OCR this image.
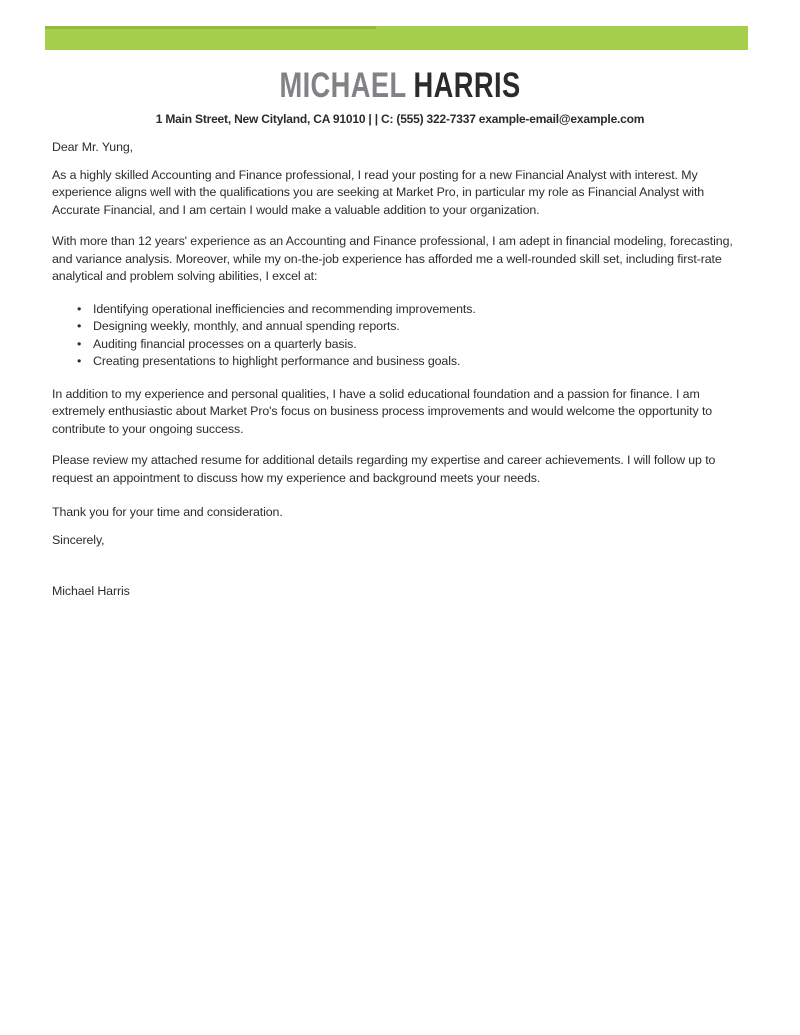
MICHAEL HARRIS
1 Main Street, New Cityland, CA 91010 | | C: (555) 322-7337 example-email@example.com

Dear Mr. Yung,

As a highly skilled Accounting and Finance professional, I read your posting for a new Financial Analyst with interest. My experience aligns well with the qualifications you are seeking at Market Pro, in particular my role as Financial Analyst with Accurate Financial, and I am certain I would make a valuable addition to your organization.

With more than 12 years' experience as an Accounting and Finance professional, I am adept in financial modeling, forecasting, and variance analysis. Moreover, while my on-the-job experience has afforded me a well-rounded skill set, including first-rate analytical and problem solving abilities, I excel at:

• Identifying operational inefficiencies and recommending improvements.
• Designing weekly, monthly, and annual spending reports.
• Auditing financial processes on a quarterly basis.
• Creating presentations to highlight performance and business goals.

In addition to my experience and personal qualities, I have a solid educational foundation and a passion for finance. I am extremely enthusiastic about Market Pro's focus on business process improvements and would welcome the opportunity to contribute to your ongoing success.

Please review my attached resume for additional details regarding my expertise and career achievements. I will follow up to request an appointment to discuss how my experience and background meets your needs.

Thank you for your time and consideration.

Sincerely,

Michael Harris
